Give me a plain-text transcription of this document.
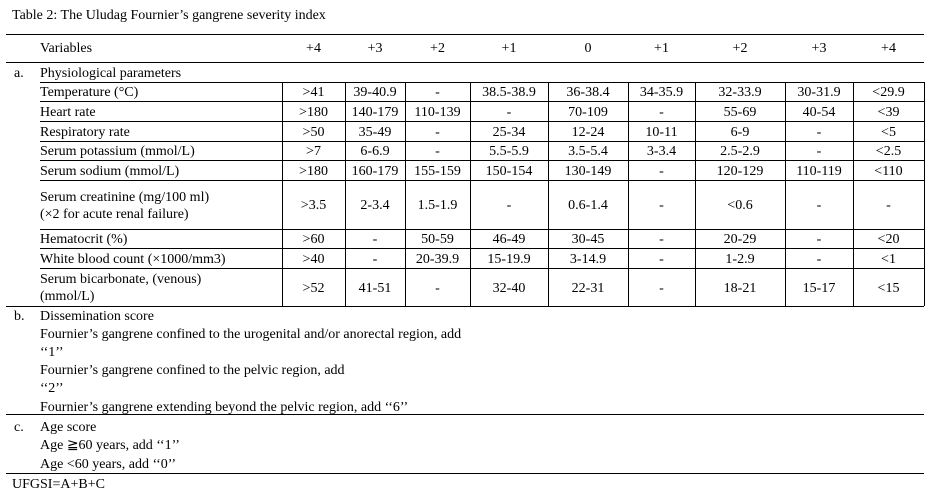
Table 2: The Uludag Fournier’s gangrene severity index
Variables	+4	+3	+2	+1	0	+1	+2	+3	+4
a. Physiological parameters
Temperature (°C)	>41	39-40.9	-	38.5-38.9	36-38.4	34-35.9	32-33.9	30-31.9	<29.9
Heart rate	>180	140-179	110-139	-	70-109	-	55-69	40-54	<39
Respiratory rate	>50	35-49	-	25-34	12-24	10-11	6-9	-	<5
Serum potassium (mmol/L)	>7	6-6.9	-	5.5-5.9	3.5-5.4	3-3.4	2.5-2.9	-	<2.5
Serum sodium (mmol/L)	>180	160-179	155-159	150-154	130-149	-	120-129	110-119	<110
Serum creatinine (mg/100 ml)
(×2 for acute renal failure)
>3.5	2-3.4	1.5-1.9	-	0.6-1.4	-	<0.6	-	-
Hematocrit (%)	>60	-	50-59	46-49	30-45	-	20-29	-	<20
White blood count (×1000/mm3)	>40	-	20-39.9	15-19.9	3-14.9	-	1-2.9	-	<1
Serum bicarbonate, (venous)
(mmol/L)
>52	41-51	-	32-40	22-31	-	18-21	15-17	<15
b. Dissemination score
Fournier’s gangrene confined to the urogenital and/or anorectal region, add
‘‘1’’
Fournier’s gangrene confined to the pelvic region, add
‘‘2’’
Fournier’s gangrene extending beyond the pelvic region, add ‘‘6’’
c. Age score
Age ≧60 years, add ‘‘1’’
Age <60 years, add ‘‘0’’
UFGSI=A+B+C
